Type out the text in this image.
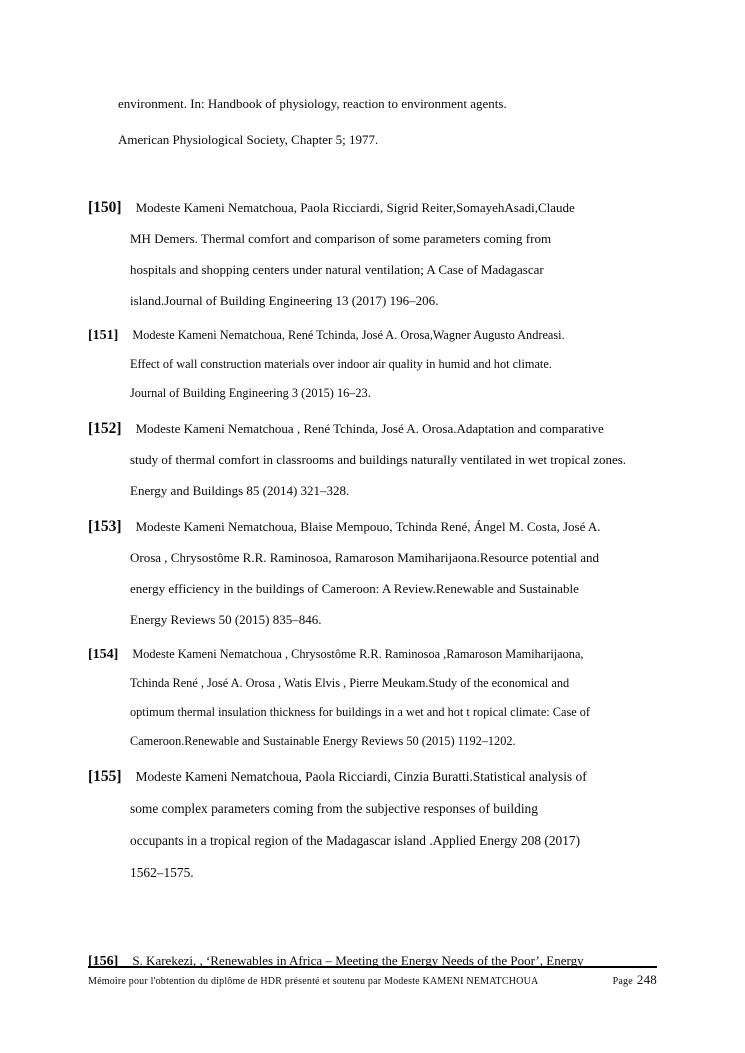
environment. In: Handbook of physiology, reaction to environment agents.
American Physiological Society, Chapter 5; 1977.
[150] Modeste Kameni Nematchoua, Paola Ricciardi, Sigrid Reiter,SomayehAsadi,Claude
MH Demers. Thermal comfort and comparison of some parameters coming from
hospitals and shopping centers under natural ventilation; A Case of Madagascar
island.Journal of Building Engineering 13 (2017) 196–206.
[151] Modeste Kameni Nematchoua, René Tchinda, José A. Orosa,Wagner Augusto Andreasi.
Effect of wall construction materials over indoor air quality in humid and hot climate.
Journal of Building Engineering 3 (2015) 16–23.
[152] Modeste Kameni Nematchoua , René Tchinda, José A. Orosa.Adaptation and comparative
study of thermal comfort in classrooms and buildings naturally ventilated in wet tropical zones.
Energy and Buildings 85 (2014) 321–328.
[153] Modeste Kameni Nematchoua, Blaise Mempouo, Tchinda René, Ángel M. Costa, José A.
Orosa , Chrysostôme R.R. Raminosoa, Ramaroson Mamiharijaona.Resource potential and
energy efficiency in the buildings of Cameroon: A Review.Renewable and Sustainable
Energy Reviews 50 (2015) 835–846.
[154] Modeste Kameni Nematchoua , Chrysostôme R.R. Raminosoa ,Ramaroson Mamiharijaona,
Tchinda René , José A. Orosa , Watis Elvis , Pierre Meukam.Study of the economical and
optimum thermal insulation thickness for buildings in a wet and hot t ropical climate: Case of
Cameroon.Renewable and Sustainable Energy Reviews 50 (2015) 1192–1202.
[155] Modeste Kameni Nematchoua, Paola Ricciardi, Cinzia Buratti.Statistical analysis of
some complex parameters coming from the subjective responses of building
occupants in a tropical region of the Madagascar island .Applied Energy 208 (2017)
1562–1575.
[156] S. Karekezi, , ‘Renewables in Africa – Meeting the Energy Needs of the Poor’, Energy
Mémoire pour l'obtention du diplôme de HDR présenté et soutenu par Modeste KAMENI NEMATCHOUA	Page 248
